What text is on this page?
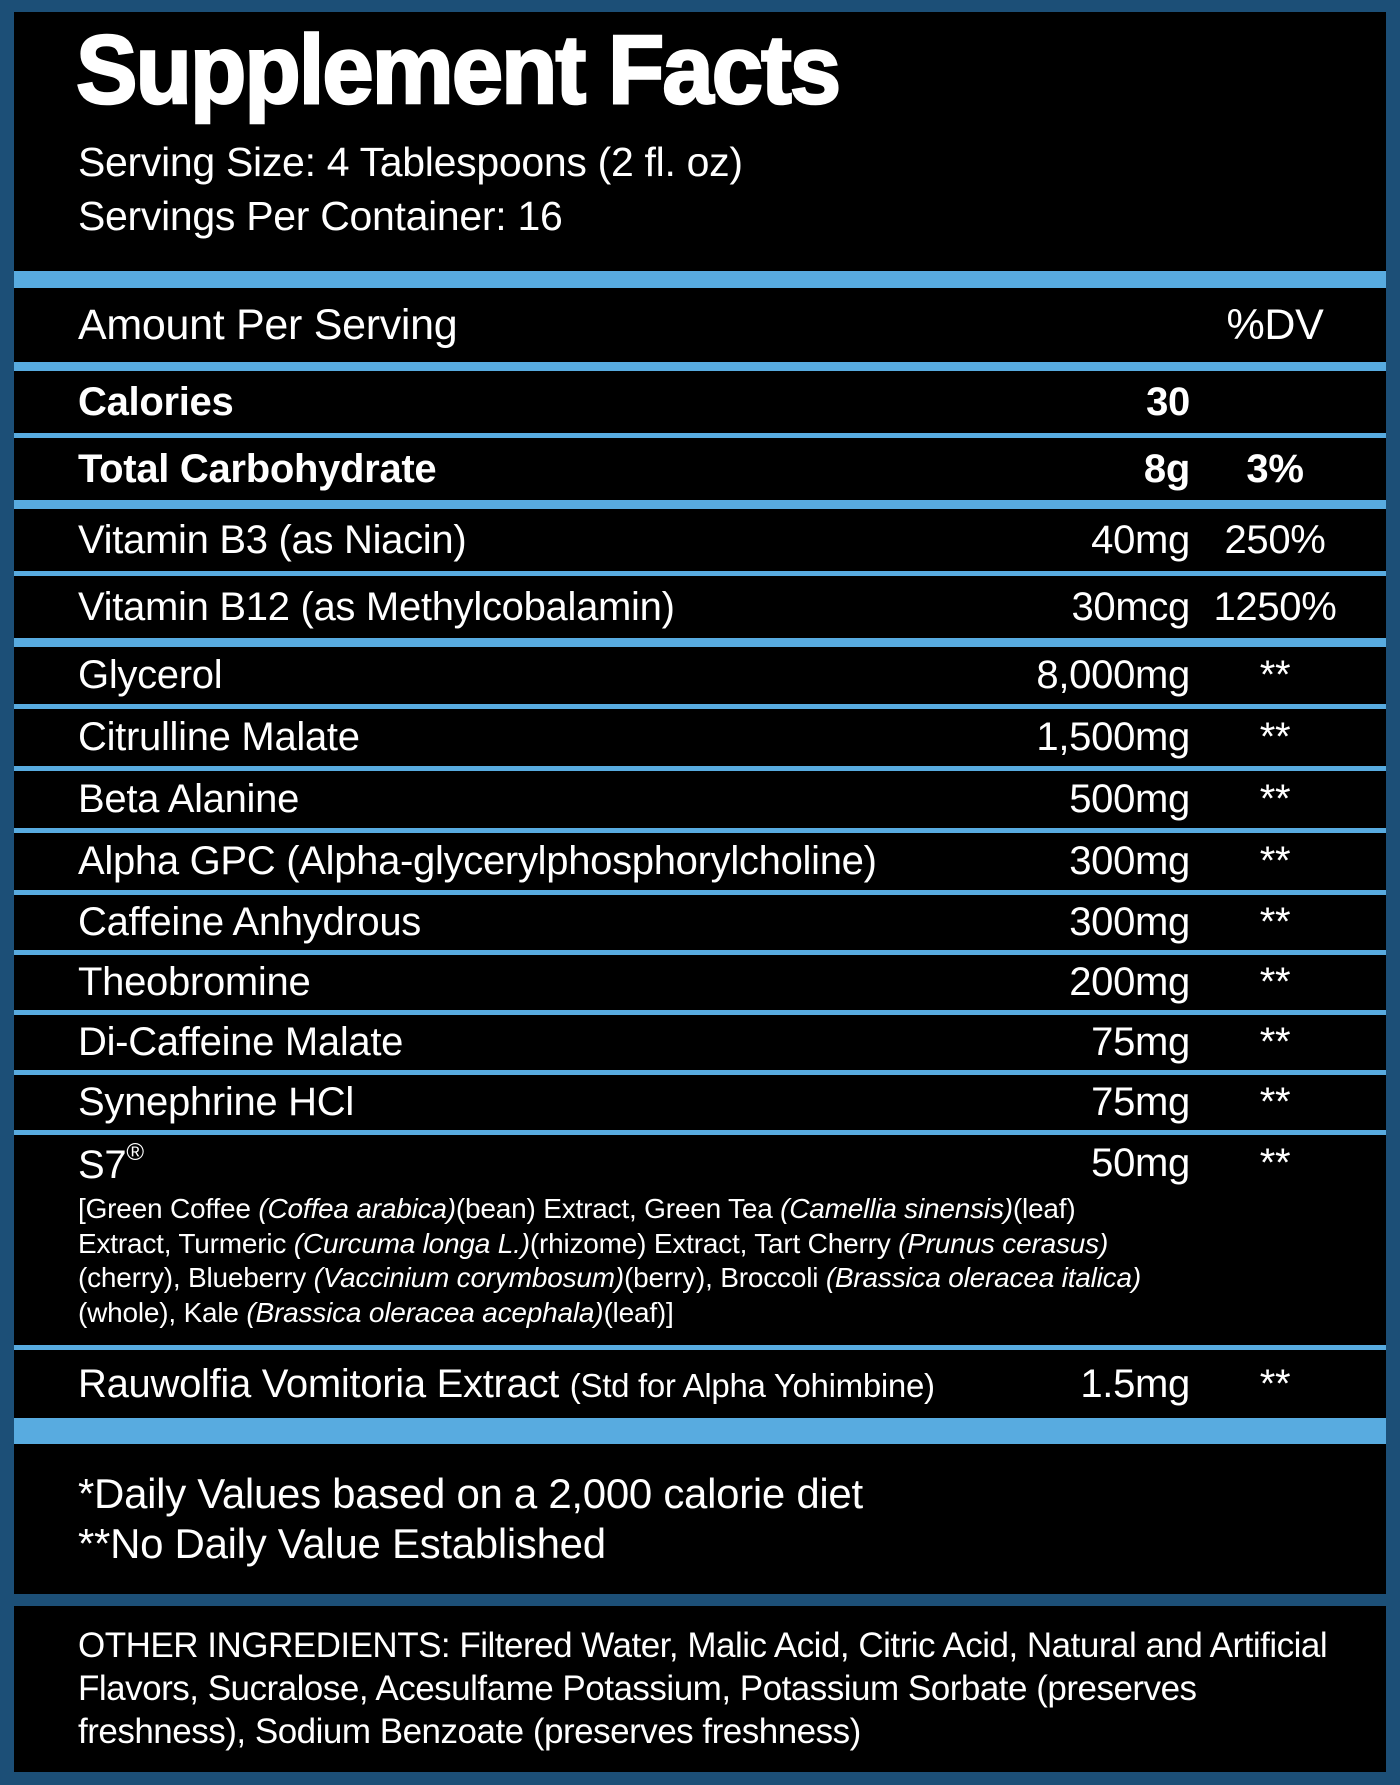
Supplement Facts
Serving Size: 4 Tablespoons (2 fl. oz)
Servings Per Container: 16
Amount Per Serving	%DV
Calories	30
Total Carbohydrate	8g	3%
Vitamin B3 (as Niacin)	40mg 250%
Vitamin B12 (as Methylcobalamin)	30mcg 1250%
Glycerol	8,000mg	**
Citrulline Malate	1,500mg	**
Beta Alanine	500mg	**
Alpha GPC (Alpha-glycerylphosphorylcholine)	300mg	**
Caffeine Anhydrous	300mg	**
Theobromine	200mg	**
Di-Caffeine Malate	75mg	**
Synephrine HCl	75mg	**
S7®	50mg	**
[Green Coffee (Coffea arabica)(bean) Extract, Green Tea (Camellia sinensis)(leaf) Extract, Turmeric (Curcuma longa L.)(rhizome) Extract, Tart Cherry (Prunus cerasus)(cherry), Blueberry (Vaccinium corymbosum)(berry), Broccoli (Brassica oleracea italica)(whole), Kale (Brassica oleracea acephala)(leaf)]
Rauwolfia Vomitoria Extract (Std for Alpha Yohimbine)	1.5mg	**
*Daily Values based on a 2,000 calorie diet
**No Daily Value Established

OTHER INGREDIENTS: Filtered Water, Malic Acid, Citric Acid, Natural and Artificial Flavors, Sucralose, Acesulfame Potassium, Potassium Sorbate (preserves freshness), Sodium Benzoate (preserves freshness)
